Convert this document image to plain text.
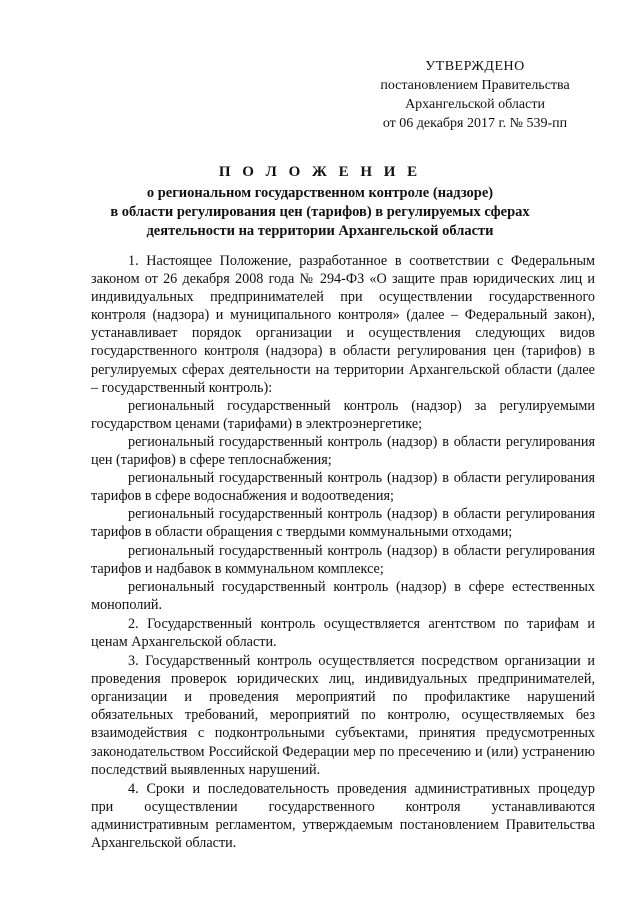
УТВЕРЖДЕНО
постановлением Правительства
Архангельской области
от 06 декабря 2017 г. № 539-пп
П О Л О Ж Е Н И Е
о региональном государственном контроле (надзоре)
в области регулирования цен (тарифов) в регулируемых сферах
деятельности на территории Архангельской области

1. Настоящее Положение, разработанное в соответствии с Федеральным законом от 26 декабря 2008 года № 294-ФЗ «О защите прав юридических лиц и индивидуальных предпринимателей при осуществлении государственного контроля (надзора) и муниципального контроля» (далее – Федеральный закон), устанавливает порядок организации и осуществления следующих видов государственного контроля (надзора) в области регулирования цен (тарифов) в регулируемых сферах деятельности на территории Архангельской области (далее – государственный контроль):

региональный государственный контроль (надзор) за регулируемыми государством ценами (тарифами) в электроэнергетике;

региональный государственный контроль (надзор) в области регулирования цен (тарифов) в сфере теплоснабжения;

региональный государственный контроль (надзор) в области регулирования тарифов в сфере водоснабжения и водоотведения;

региональный государственный контроль (надзор) в области регулирования тарифов в области обращения с твердыми коммунальными отходами;

региональный государственный контроль (надзор) в области регулирования тарифов и надбавок в коммунальном комплексе;

региональный государственный контроль (надзор) в сфере естественных монополий.

2. Государственный контроль осуществляется агентством по тарифам и ценам Архангельской области.

3. Государственный контроль осуществляется посредством организации и проведения проверок юридических лиц, индивидуальных предпринимателей, организации и проведения мероприятий по профилактике нарушений обязательных требований, мероприятий по контролю, осуществляемых без взаимодействия с подконтрольными субъектами, принятия предусмотренных законодательством Российской Федерации мер по пресечению и (или) устранению последствий выявленных нарушений.

4. Сроки и последовательность проведения административных процедур при осуществлении государственного контроля устанавливаются административным регламентом, утверждаемым постановлением Правительства Архангельской области.
